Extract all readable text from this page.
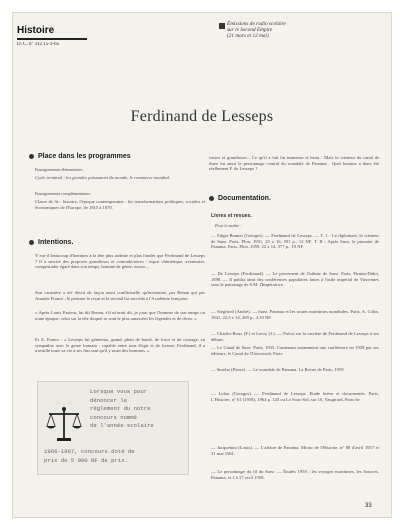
Histoire
D. C. n° 112 15-3-65
Émissions de radio scolaire
sur le Second Empire
(21 mars et 12 mai)
Ferdinand de Lesseps
Place dans les programmes
Enseignements élémentaires.
Cycle terminal : les grandes puissances du monde, le commerce mondial.
Enseignements complémentaires.
Classe de 3e : histoire, l'époque contemporaine : les transformations politiques, sociales et économiques de l'Europe, de 1815 à 1870.
Intentions.
Y eut-il beaucoup d'hommes à la tête plus ardente et plus fondés que Ferdinand de Lesseps ? Il a suscité des proposés grandioses et contradictoires : esprit chimérique, aventurier, conquistador égaré dans son temps, homme de génie, escroc...
Son caractère a été décrit de façon aussi conflictuelle qu'incertaine, par Renan qui par Anatole France ; le premier le reçut et le second lui succéda à l'Académie française.
« Après Louis Pasteur, lui dit Renan, s'il m'avait dit, je jurai que l'homme de son temps ou toute époque, celui sur la tête duquel se sont le plus amassées les légendes et de rêves. »
Et A. France : « Lesseps fut généreux, grand, plein de bonté, de force et de courage, en sympathie avec le genre humain ; capable entre tous d'agir et de former. Ferdinand, il a travaillé toute sa vie à ses fins tant qu'il y avait des hommes. »
Lorsque vous pour
dénoncer le
règlement du notre
concours nommé
de l'année scolaire
1966-1967, concours doté de
prix de 5 000 NF de prix.
vastes et grandioses... Ce qu'il a fait fut immense et beau... Mais le créateur du canal de Suez fut aussi le personnage central du scandale de Panama... Quel homme a donc été réellement F. de Lesseps ?
Documentation.
Livres et revues.
Pour le maître :
— Edgar-Bonnet (Georges). — Ferdinand de Lesseps. — T. 1 : Le diplomate, le créateur de Suez. Paris, Plon, 1951, 25 x 16, 501 p., 12 NF. T. II : Après Suez, le pionnier de Panama. Paris, Plon, 1959, 22 x 14, 377 p., 19 NF.
— De Lesseps (Ferdinand). — Le percement de l'isthme de Suez. Paris, Firmin-Didot, 1898. — Il publia ainsi des conférences populaires faites à l'asile impérial de Vincennes sous le patronage de S.M. l'Impératrice.
— Siegfried (André). — Suez, Panama et les routes maritimes mondiales. Paris, A. Colin, 1941, 22,5 x 14, 269 p., 4,10 NF.
— Charles-Roux (F.) et Leroy (J.). — Précis sur la carrière de Ferdinand de Lesseps à ses débuts.
— Le Canal de Suez. Paris, 1935. Contenant notamment une conférence en 1958 par ses éditeurs, le Canal de l'Université, Paris.
— Smolar (Pierre). — Le scandale de Panama. La Revue de Paris, 1959.
— Lulon (Georges). — Ferdinand de Lesseps. Etude brève et documentée, Paris, L'Histoire, n° 61 (1958), 1964 p. 145 ou Le Sous-Sol, sur 10, Vaugirard, Paris 6e.
— Jacquemin (Louis). — L'affaire de Panama. Miroir de l'Histoire, n° 88 d'avril 1957 et 31 mai 1961.
— Le personnage du fil du Suez. — Études 1958 ; les voyages maritimes, les Sources, Panama, et 1 à 17 avril 1958.
33
